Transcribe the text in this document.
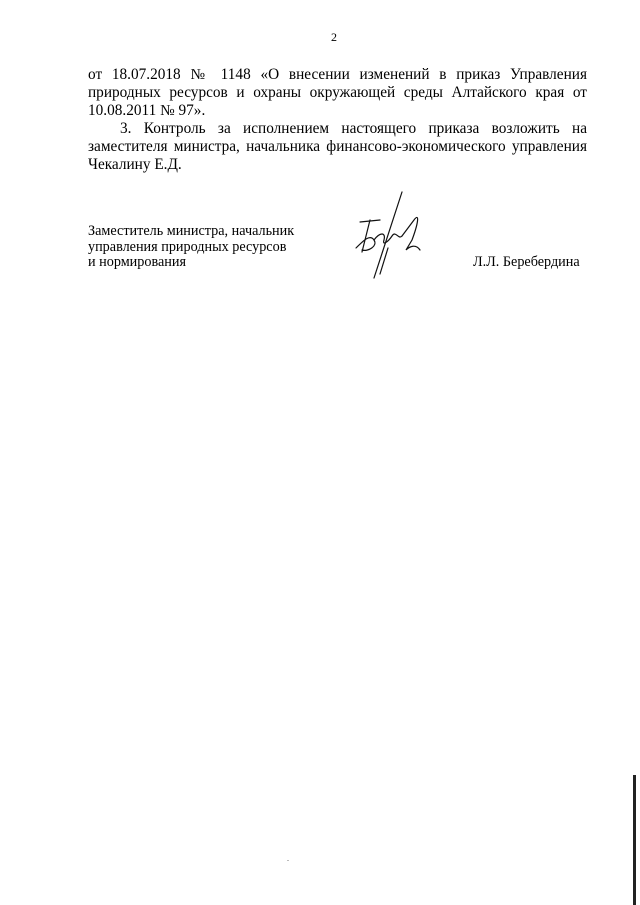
2
от 18.07.2018 № 1148 «О внесении изменений в приказ Управления
природных ресурсов и охраны окружающей среды Алтайского края от
10.08.2011 № 97».
3. Контроль за исполнением настоящего приказа возложить на
заместителя министра, начальника финансово-экономического управления
Чекалину Е.Д.
Заместитель министра, начальник
управления природных ресурсов
и нормирования	Л.Л. Беребердина
